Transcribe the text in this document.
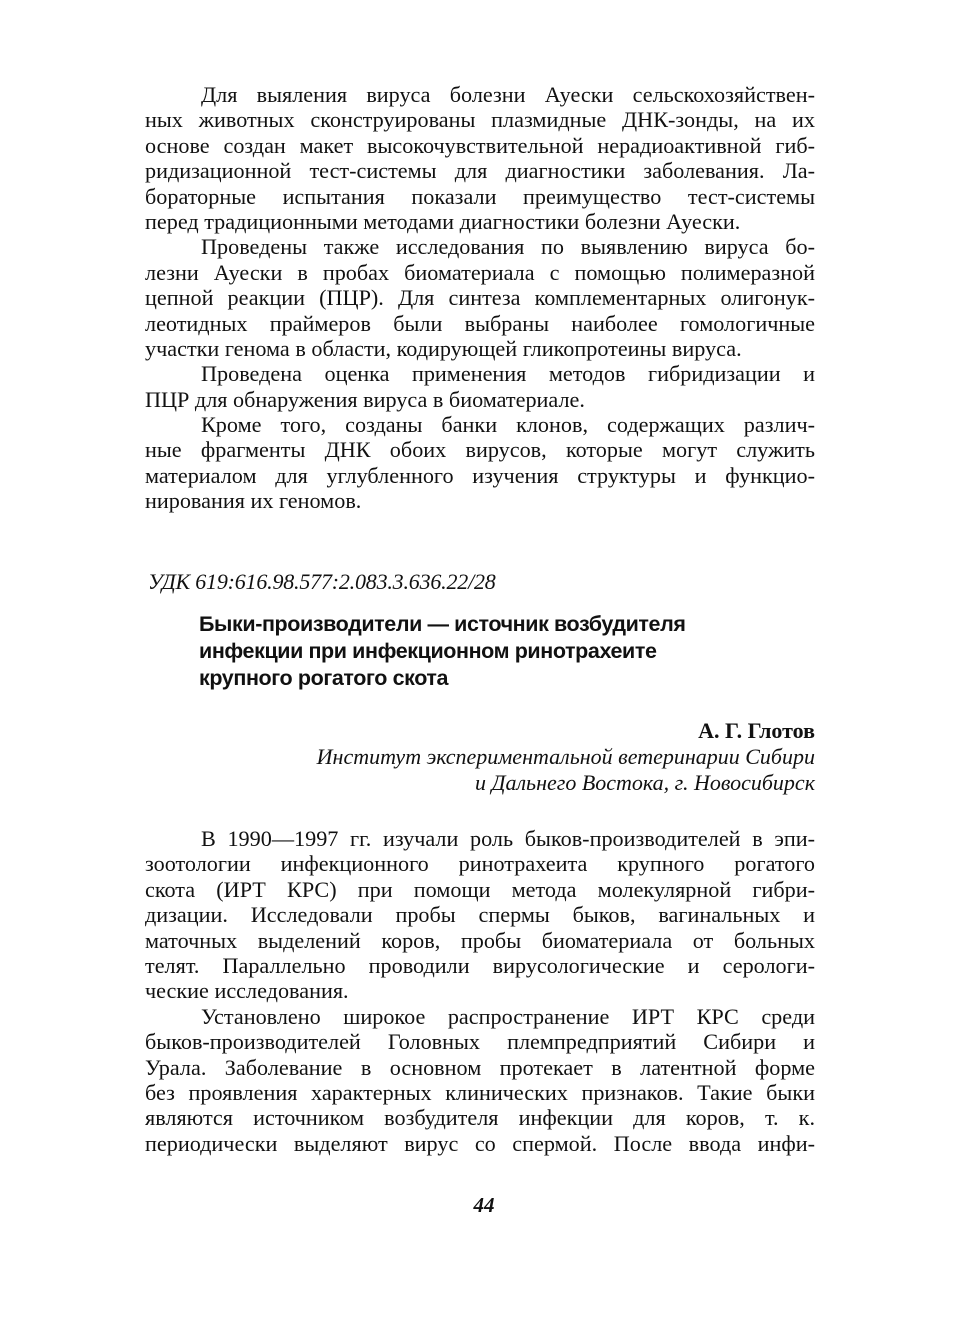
Для выяления вируса болезни Ауески сельскохозяйствен-
ных животных сконструированы плазмидные ДНК-зонды, на их
основе создан макет высокочувствительной нерадиоактивной гиб-
ридизационной тест-системы для диагностики заболевания. Ла-
бораторные испытания показали преимущество тест-системы
перед традиционными методами диагностики болезни Ауески.
Проведены также исследования по выявлению вируса бо-
лезни Ауески в пробах биоматериала с помощью полимеразной
цепной реакции (ПЦР). Для синтеза комплементарных олигонук-
леотидных праймеров были выбраны наиболее гомологичные
участки генома в области, кодирующей гликопротеины вируса.
Проведена оценка применения методов гибридизации и
ПЦР для обнаружения вируса в биоматериале.
Кроме того, созданы банки клонов, содержащих различ-
ные фрагменты ДНК обоих вирусов, которые могут служить
материалом для углубленного изучения структуры и функцио-
нирования их геномов.
УДК 619:616.98.577:2.083.3.636.22/28
Быки-производители — источник возбудителя
инфекции при инфекционном ринотрахеите
крупного рогатого скота
А. Г. Глотов
Институт экспериментальной ветеринарии Сибири
и Дальнего Востока, г. Новосибирск
В 1990—1997 гг. изучали роль быков-производителей в эпи-
зоотологии инфекционного ринотрахеита крупного рогатого
скота (ИРТ КРС) при помощи метода молекулярной гибри-
дизации. Исследовали пробы спермы быков, вагинальных и
маточных выделений коров, пробы биоматериала от больных
телят. Параллельно проводили вирусологические и серологи-
ческие исследования.
Установлено широкое распространение ИРТ КРС среди
быков-производителей Головных племпредприятий Сибири и
Урала. Заболевание в основном протекает в латентной форме
без проявления характерных клинических признаков. Такие быки
являются источником возбудителя инфекции для коров, т. к.
периодически выделяют вирус со спермой. После ввода инфи-
44
